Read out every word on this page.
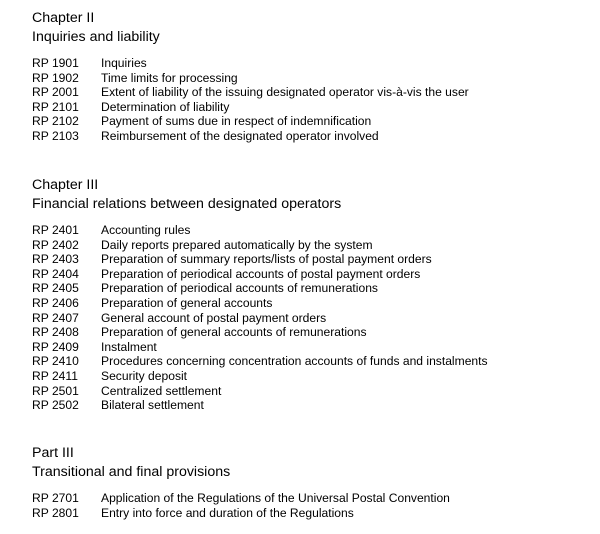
Chapter II
Inquiries and liability
RP 1901	Inquiries
RP 1902	Time limits for processing
RP 2001	Extent of liability of the issuing designated operator vis-à-vis the user
RP 2101	Determination of liability
RP 2102	Payment of sums due in respect of indemnification
RP 2103	Reimbursement of the designated operator involved
Chapter III
Financial relations between designated operators
RP 2401	Accounting rules
RP 2402	Daily reports prepared automatically by the system
RP 2403	Preparation of summary reports/lists of postal payment orders
RP 2404	Preparation of periodical accounts of postal payment orders
RP 2405	Preparation of periodical accounts of remunerations
RP 2406	Preparation of general accounts
RP 2407	General account of postal payment orders
RP 2408	Preparation of general accounts of remunerations
RP 2409	Instalment
RP 2410	Procedures concerning concentration accounts of funds and instalments
RP 2411	Security deposit
RP 2501	Centralized settlement
RP 2502	Bilateral settlement
Part III
Transitional and final provisions
RP 2701	Application of the Regulations of the Universal Postal Convention
RP 2801	Entry into force and duration of the Regulations
